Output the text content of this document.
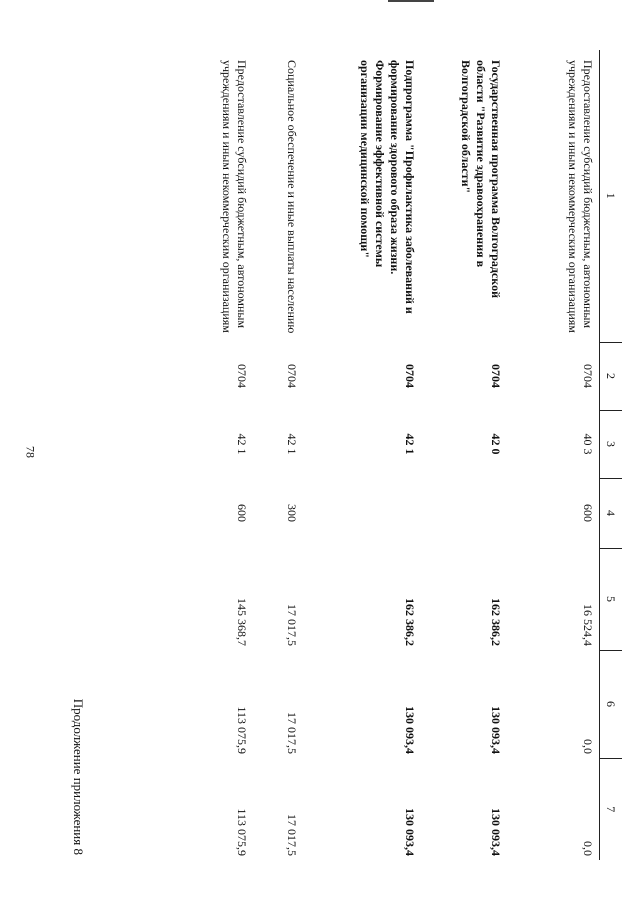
78
1	2	3	4	5	6	7
Предоставление субсидий бюджетным, автономным учреждениям и иным некоммерческим организациям	0704	40 3	600	16 524,4	0,0	0,0
Государственная программа Волгоградской области "Развитие здравоохранения в Волгоградской области"	0704	42 0		162 386,2	130 093,4	130 093,4
Подпрограмма "Профилактика заболеваний и формирование здорового образа жизни. Формирование эффективной системы организации медицинской помощи"	0704	42 1		162 386,2	130 093,4	130 093,4
Социальное обеспечение и иные выплаты населению	0704	42 1	300	17 017,5	17 017,5	17 017,5
Предоставление субсидий бюджетным, автономным учреждениям и иным некоммерческим организациям	0704	42 1	600	145 368,7	113 075,9	113 075,9
Продолжение приложения 8
